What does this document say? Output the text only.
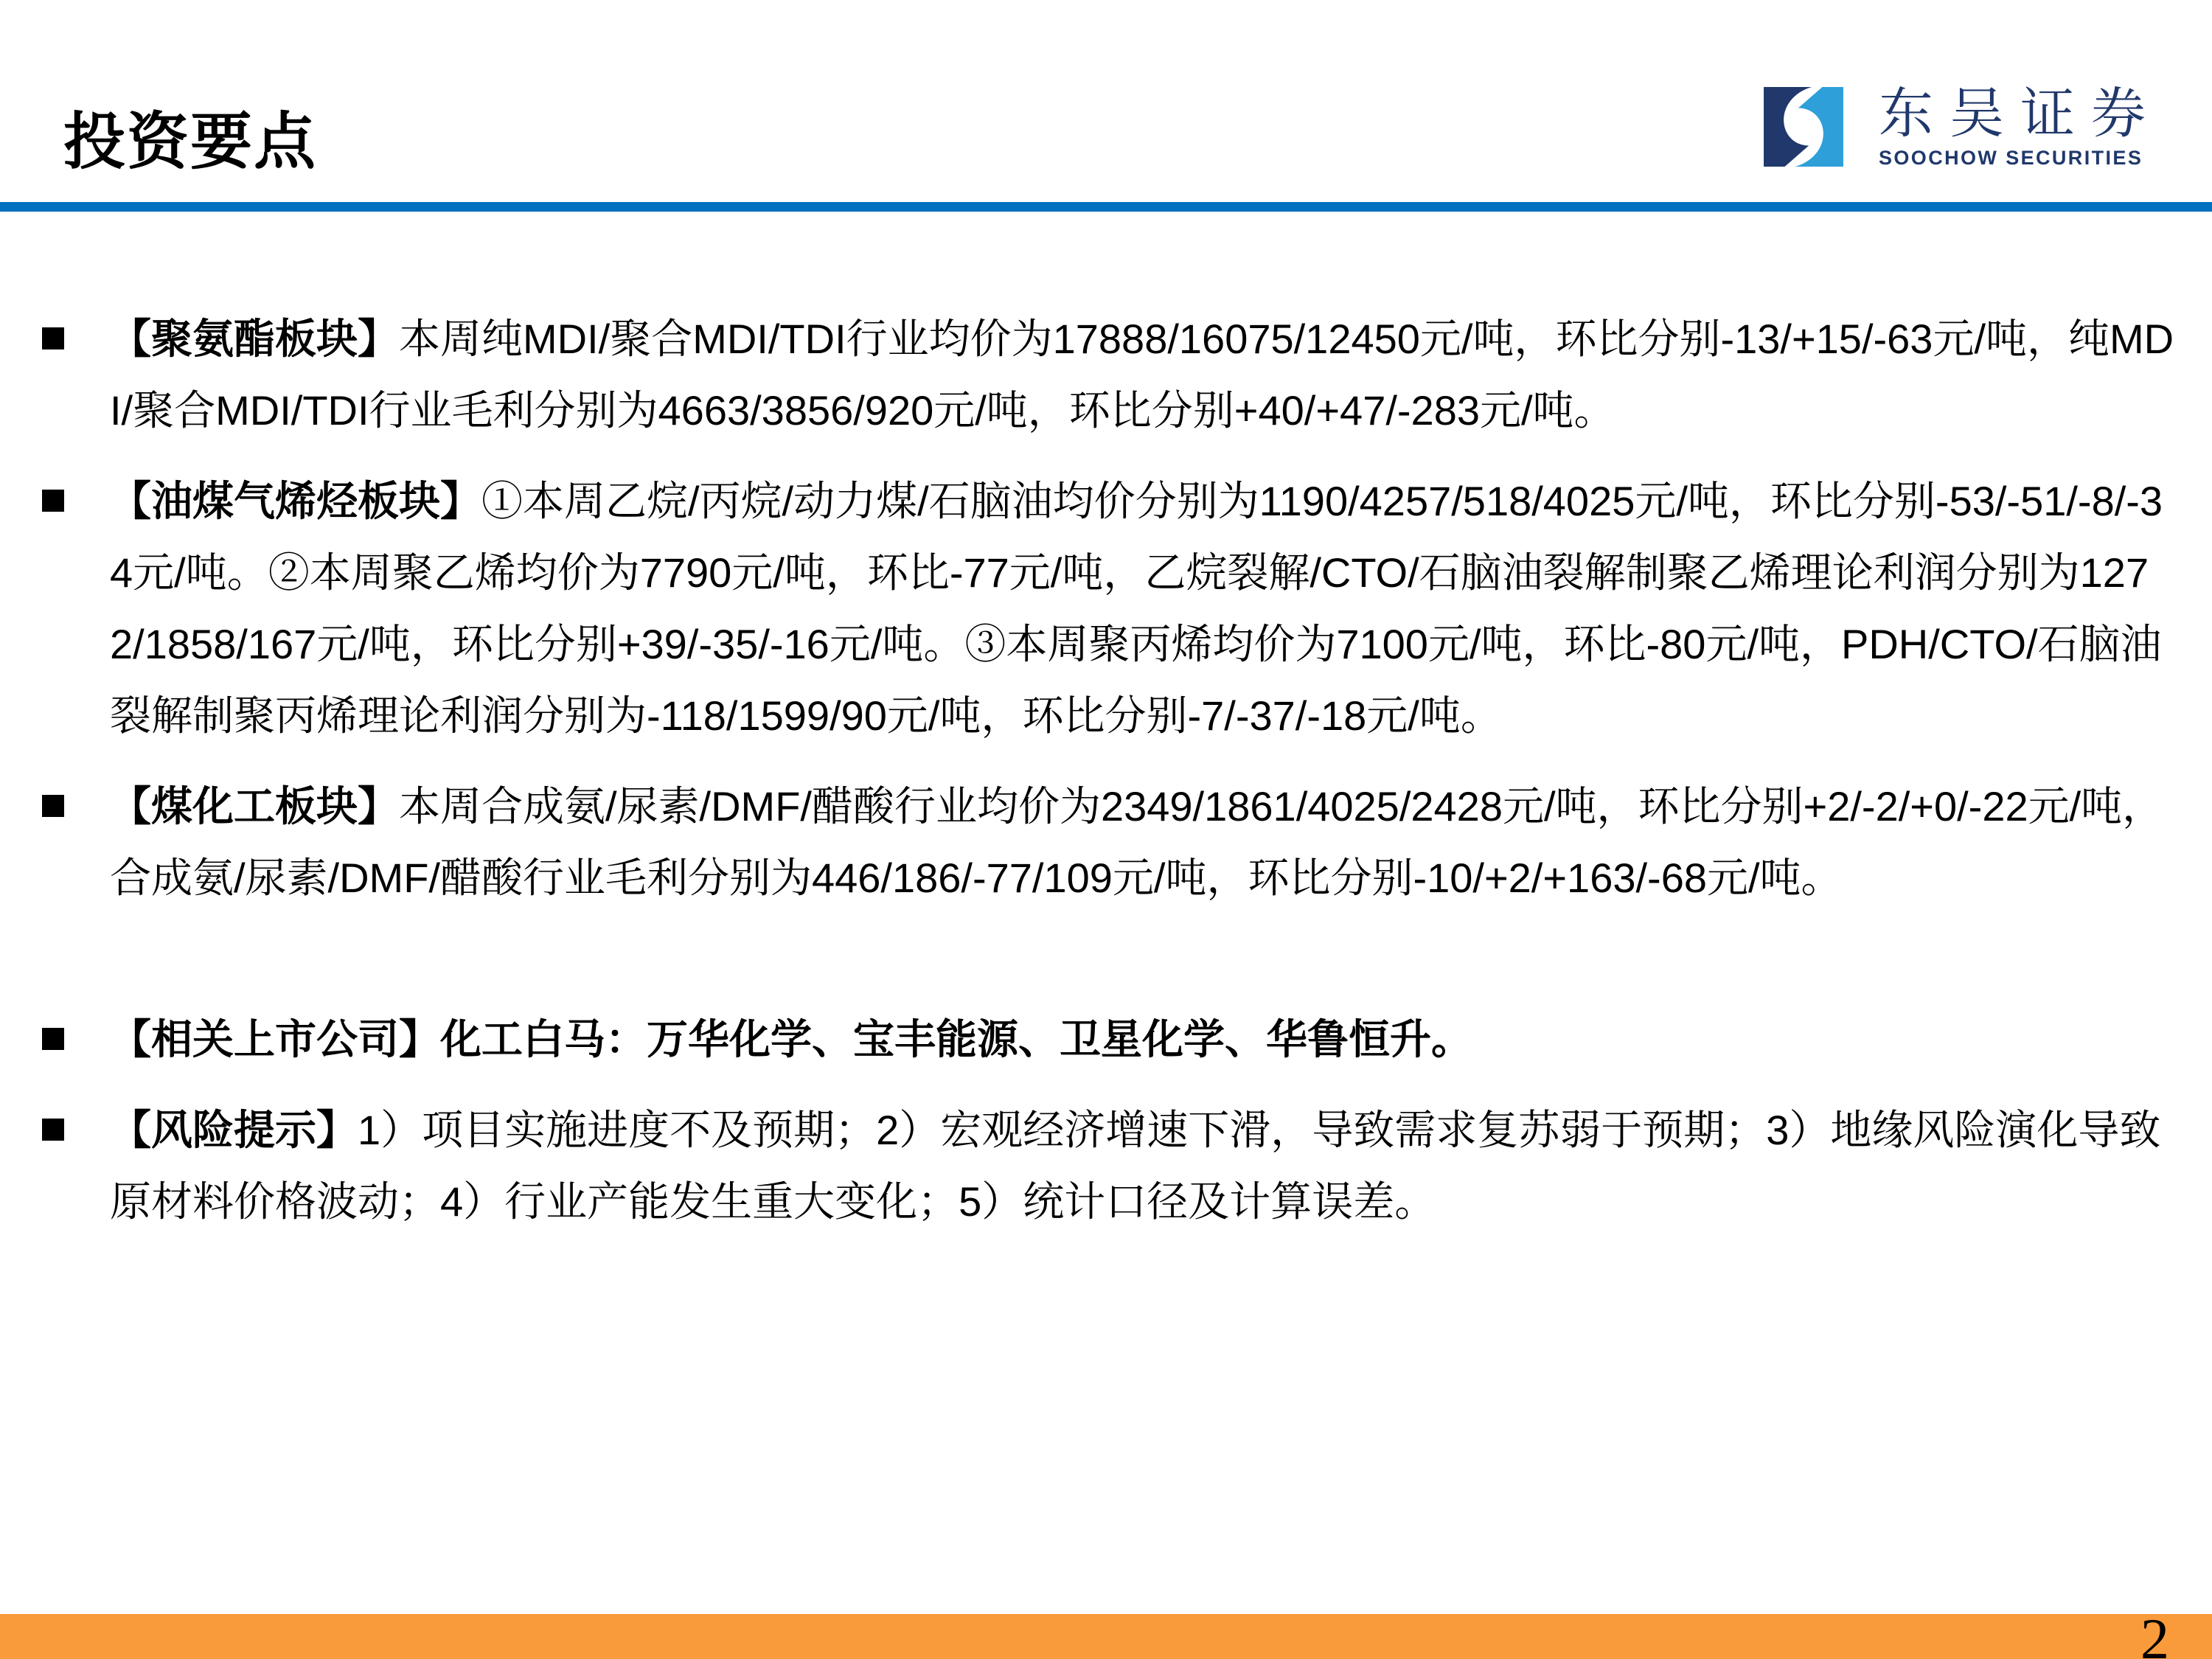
投资要点	东吴证券
SOOCHOW SECURITIES

【聚氨酯板块】本周纯MDI/聚合MDI/TDI行业均价为17888/16075/12450元/吨，环比分别-13/+15/-63元/吨，纯MDI/聚合MDI/TDI行业毛利分别为4663/3856/920元/吨，环比分别+40/+47/-283元/吨。

【油煤气烯烃板块】①本周乙烷/丙烷/动力煤/石脑油均价分别为1190/4257/518/4025元/吨，环比分别-53/-51/-8/-34元/吨。②本周聚乙烯均价为7790元/吨，环比-77元/吨，乙烷裂解/CTO/石脑油裂解制聚乙烯理论利润分别为1272/1858/167元/吨，环比分别+39/-35/-16元/吨。③本周聚丙烯均价为7100元/吨，环比-80元/吨，PDH/CTO/石脑油裂解制聚丙烯理论利润分别为-118/1599/90元/吨，环比分别-7/-37/-18元/吨。

【煤化工板块】本周合成氨/尿素/DMF/醋酸行业均价为2349/1861/4025/2428元/吨，环比分别+2/-2/+0/-22元/吨，合成氨/尿素/DMF/醋酸行业毛利分别为446/186/-77/109元/吨，环比分别-10/+2/+163/-68元/吨。

【相关上市公司】化工白马：万华化学、宝丰能源、卫星化学、华鲁恒升。

【风险提示】1）项目实施进度不及预期；2）宏观经济增速下滑，导致需求复苏弱于预期；3）地缘风险演化导致原材料价格波动；4）行业产能发生重大变化；5）统计口径及计算误差。

2
